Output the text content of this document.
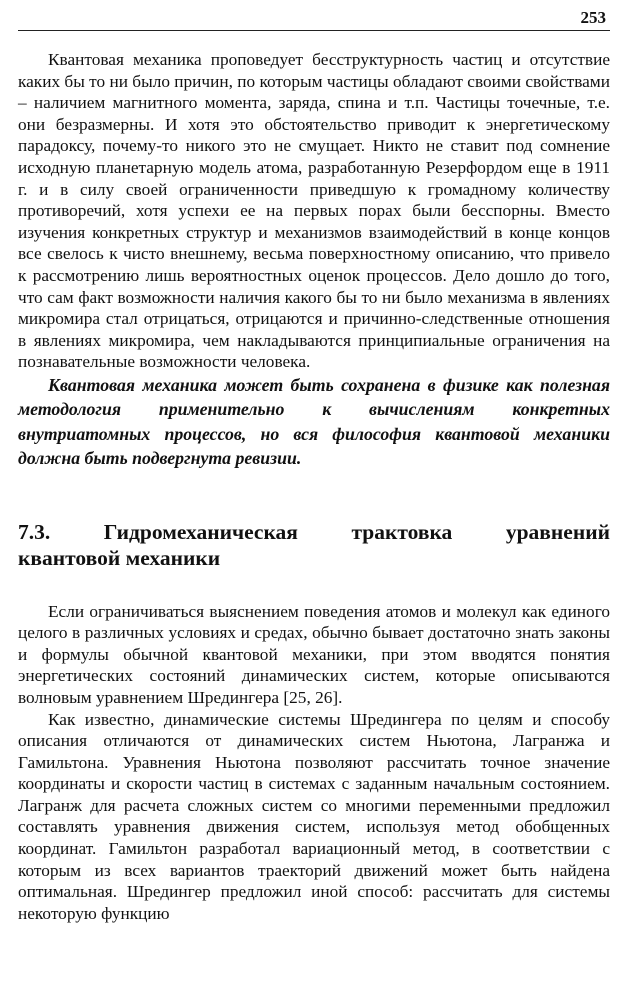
253

Квантовая механика проповедует бесструктурность частиц и отсутствие каких бы то ни было причин, по которым частицы обладают своими свойствами – наличием магнитного момента, заряда, спина и т.п. Частицы точечные, т.е. они безразмерны. И хотя это обстоятельство приводит к энергетическому парадоксу, почему-то никого это не смущает. Никто не ставит под сомнение исходную планетарную модель атома, разработанную Резерфордом еще в 1911 г. и в силу своей ограниченности приведшую к громадному количеству противоречий, хотя успехи ее на первых порах были бесспорны. Вместо изучения конкретных структур и механизмов взаимодействий в конце концов все свелось к чисто внешнему, весьма поверхностному описанию, что привело к рассмотрению лишь вероятностных оценок процессов. Дело дошло до того, что сам факт возможности наличия какого бы то ни было механизма в явлениях микромира стал отрицаться, отрицаются и причинно-следственные отношения в явлениях микромира, чем накладываются принципиальные ограничения на познавательные возможности человека.

Квантовая механика может быть сохранена в физике как полезная методология применительно к вычислениям конкретных внутриатомных процессов, но вся философия квантовой механики должна быть подвергнута ревизии.

7.3. Гидромеханическая трактовка уравнений
квантовой механики

Если ограничиваться выяснением поведения атомов и молекул как единого целого в различных условиях и средах, обычно бывает достаточно знать законы и формулы обычной квантовой механики, при этом вводятся понятия энергетических состояний динамических систем, которые описываются волновым уравнением Шредингера [25, 26].

Как известно, динамические системы Шредингера по целям и способу описания отличаются от динамических систем Ньютона, Лагранжа и Гамильтона. Уравнения Ньютона позволяют рассчитать точное значение координаты и скорости частиц в системах с заданным начальным состоянием. Лагранж для расчета сложных систем со многими переменными предложил составлять уравнения движения систем, используя метод обобщенных координат. Гамильтон разработал вариационный метод, в соответствии с которым из всех вариантов траекторий движений может быть найдена оптимальная. Шредингер предложил иной способ: рассчитать для системы некоторую функцию
